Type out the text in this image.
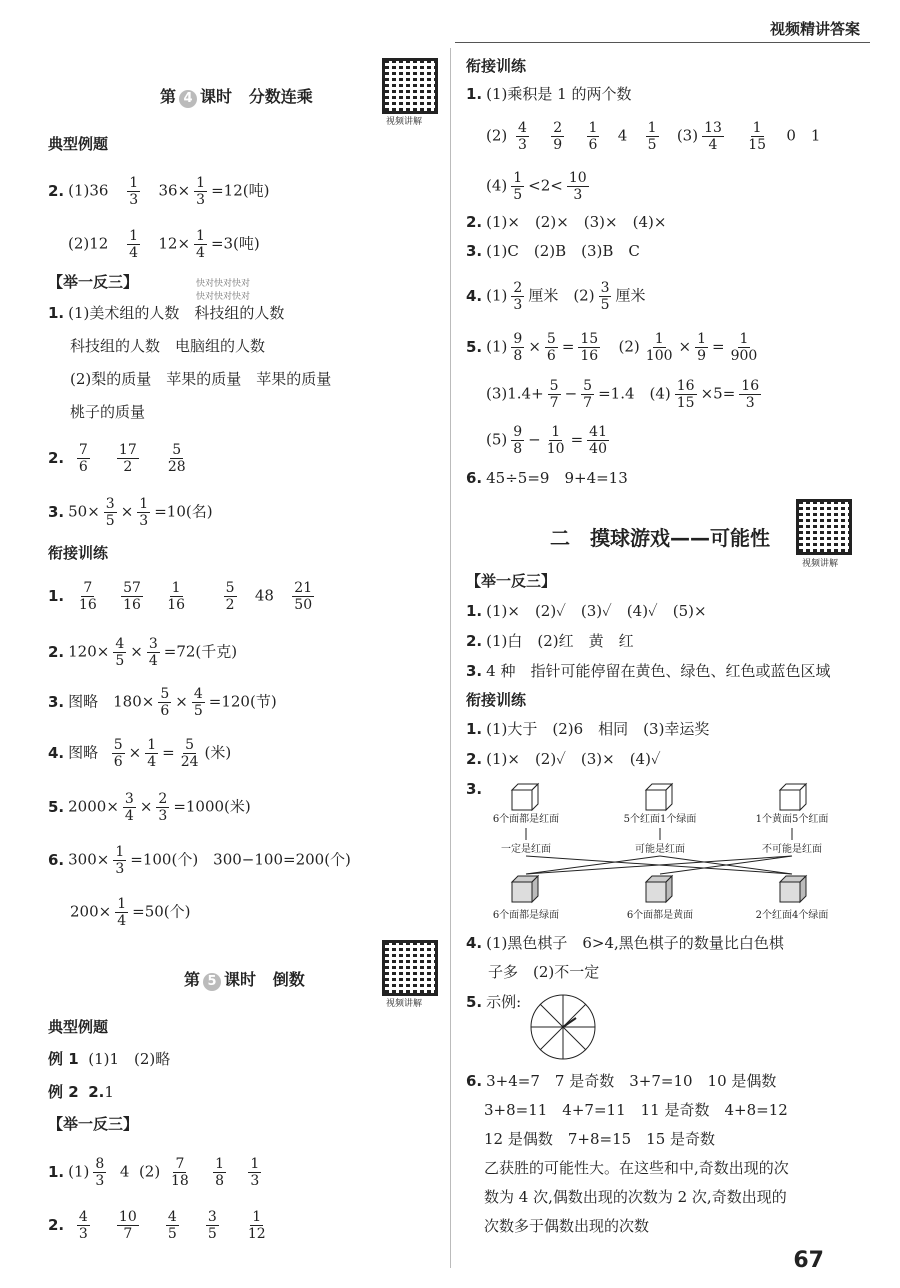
视频精讲答案
第 4 课时 分数连乘
视频讲解
典型例题
2. $(1)36 \frac{1}{3} 36\times \frac{1}{3} =12$(吨)
$(2)12 \frac{1}{4} 12\times \frac{1}{4} =3$(吨)
快对快对快对
快对快对快对
【举一反三】
1. (1)美术组的人数　科技组的人数
科技组的人数　电脑组的人数
(2)梨的质量　苹果的质量　苹果的质量
桃子的质量
2. $\frac{7}{6}$
$\frac{17}{2}$
$\frac{5}{28}$
3. $50\times \frac{3}{5} \times \frac{1}{3} =10$(名)
衔接训练
1. $\frac{7}{16}$
$\frac{57}{16}$
$\frac{1}{16}$
	$\frac{5}{2} 48 \frac{21}{50}$
2. $120\times \frac{4}{5} \times \frac{3}{4} =72$(千克)
3. 图略　$180\times \frac{5}{6} \times \frac{4}{5} =120$(节)
4. 图略 $\frac{5}{6} \times \frac{1}{4} = \frac{5}{24}$ (米)
5. $2000\times \frac{3}{4} \times \frac{2}{3} =1000$(米)
6. $300\times \frac{1}{3} =100$(个)　300−100=200(个)
$200\times \frac{1}{4} =50$(个)
第 5 课时 倒数
视频讲解
典型例题
例 1 (1)1　(2)略
例 2 2.1
【举一反三】
1. $(1) \frac{8}{3} 4$ $(2) \frac{7}{18}$
$\frac{1}{8}$
$\frac{1}{3}$
2. $\frac{4}{3}$
$\frac{10}{7}$
$\frac{4}{5}$
$\frac{3}{5}$
$\frac{1}{12}$
衔接训练
1. (1)乘积是 1 的两个数
$(2) \frac{4}{3}$
$\frac{2}{9}$
$\frac{1}{6} 4 \frac{1}{5} (3) \frac{13}{4}$
$\frac{1}{15} 0$　1
$(4) \frac{1}{5} <2< \frac{10}{3}$
2. (1)×　(2)×　(3)×　(4)×
3. (1)C　(2)B　(3)B　C
4. $(1) \frac{2}{3}$ 厘米　$(2) \frac{3}{5}$ 厘米
5. $(1) \frac{9}{8} \times \frac{5}{6} = \frac{15}{16} (2) \frac{1}{100} \times \frac{1}{9} = \frac{1}{900}$
$(3)1.4+ \frac{5}{7} - \frac{5}{7} =1.4$　$(4) \frac{16}{15} \times 5= \frac{16}{3}$
$(5) \frac{9}{8} - \frac{1}{10} = \frac{41}{40}$
6. 45÷5=9　9+4=13
二　摸球游戏——可能性
视频讲解
【举一反三】
1. (1)×　(2)✓　(3)✓　(4)✓　(5)×
2. (1)白　(2)红　黄　红
3. 4 种　指针可能停留在黄色、绿色、红色或蓝色区域
衔接训练
1. (1)大于　(2)6　相同　(3)幸运奖
2. (1)×　(2)✓　(3)×　(4)✓
3.
6个面都是红面	5个红面1个绿面	1个黄面5个红面
一定是红面	可能是红面	不可能是红面
6个面都是绿面	6个面都是黄面	2个红面4个绿面
4. (1)黑色棋子　6>4,黑色棋子的数量比白色棋
子多　(2)不一定
5. 示例:
6. 3+4=7　7 是奇数　3+7=10　10 是偶数
3+8=11　4+7=11　11 是奇数　4+8=12
12 是偶数　7+8=15　15 是奇数
乙获胜的可能性大。在这些和中,奇数出现的次
数为 4 次,偶数出现的次数为 2 次,奇数出现的
次数多于偶数出现的次数
67
